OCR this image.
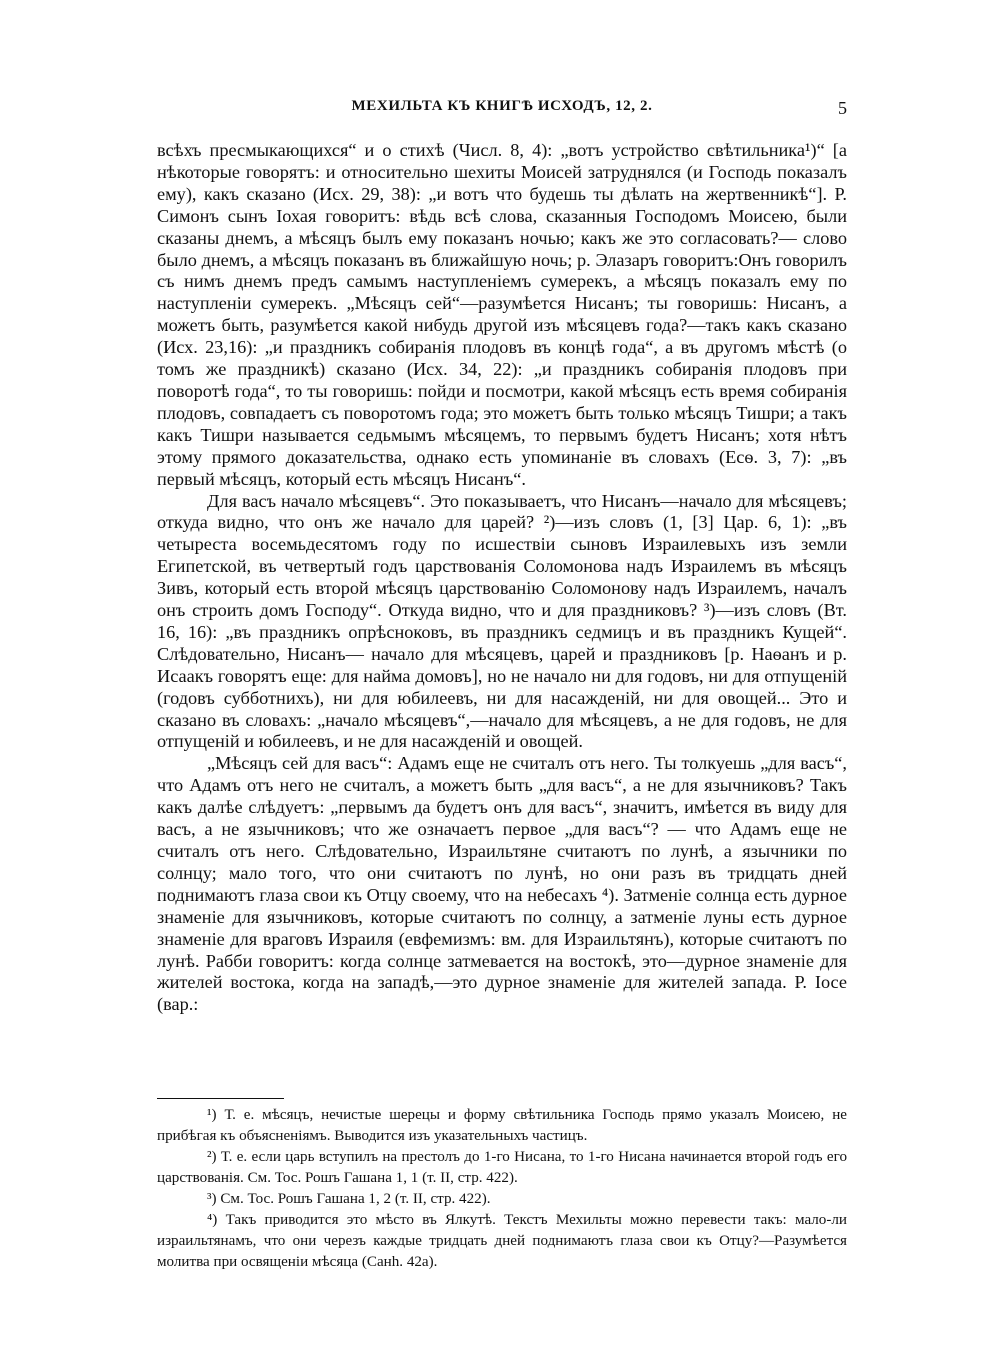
МЕХИЛЬТА КЪ КНИГѢ ИСХОДЪ, 12, 2.	5

всѣхъ пресмыкающихся“ и о стихѣ (Числ. 8, 4): „вотъ устройство свѣтильника¹)“ [а нѣкоторые говорятъ: и относительно шехиты Моисей затруднялся (и Господь показалъ ему), какъ сказано (Исх. 29, 38): „и вотъ что будешь ты дѣлать на жертвенникѣ“]. Р. Симонъ сынъ Iохая говоритъ: вѣдь всѣ слова, сказанныя Господомъ Моисею, были сказаны днемъ, а мѣсяцъ былъ ему показанъ ночью; какъ же это согласовать?— слово было днемъ, а мѣсяцъ показанъ въ ближайшую ночь; р. Элазаръ говоритъ:Онъ говорилъ съ нимъ днемъ предъ самымъ наступленіемъ сумерекъ, а мѣсяцъ показалъ ему по наступленіи сумерекъ. „Мѣсяцъ сей“—разумѣется Нисанъ; ты говоришь: Нисанъ, а можетъ быть, разумѣется какой нибудь другой изъ мѣсяцевъ года?—такъ какъ сказано (Исх. 23,16): „и праздникъ собиранія плодовъ въ концѣ года“, а въ другомъ мѣстѣ (о томъ же праздникѣ) сказано (Исх. 34, 22): „и праздникъ собиранія плодовъ при поворотѣ года“, то ты говоришь: пойди и посмотри, какой мѣсяцъ есть время собиранія плодовъ, совпадаетъ съ поворотомъ года; это можетъ быть только мѣсяцъ Тишри; а такъ какъ Тишри называется седьмымъ мѣсяцемъ, то первымъ будетъ Нисанъ; хотя нѣтъ этому прямого доказательства, однако есть упоминаніе въ словахъ (Есѳ. 3, 7): „въ первый мѣсяцъ, который есть мѣсяцъ Нисанъ“.

Для васъ начало мѣсяцевъ“. Это показываетъ, что Нисанъ—начало для мѣсяцевъ; откуда видно, что онъ же начало для царей? ²)—изъ словъ (1, [3] Цар. 6, 1): „въ четыреста восемьдесятомъ году по исшествіи сыновъ Израилевыхъ изъ земли Египетской, въ четвертый годъ царствованія Соломонова надъ Израилемъ въ мѣсяцъ Зивъ, который есть второй мѣсяцъ царствованію Соломонову надъ Израилемъ, началъ онъ строить домъ Господу“. Откуда видно, что и для праздниковъ? ³)—изъ словъ (Вт. 16, 16): „въ праздникъ опрѣсноковъ, въ праздникъ седмицъ и въ праздникъ Кущей“. Слѣдовательно, Нисанъ— начало для мѣсяцевъ, царей и праздниковъ [р. Наѳанъ и р. Исаакъ говорятъ еще: для найма домовъ], но не начало ни для годовъ, ни для отпущеній (годовъ субботнихъ), ни для юбилеевъ, ни для насажденій, ни для овощей... Это и сказано въ словахъ: „начало мѣсяцевъ“,—начало для мѣсяцевъ, а не для годовъ, не для отпущеній и юбилеевъ, и не для насажденій и овощей.

„Мѣсяцъ сей для васъ“: Адамъ еще не считалъ отъ него. Ты толкуешь „для васъ“, что Адамъ отъ него не считалъ, а можетъ быть „для васъ“, а не для язычниковъ? Такъ какъ далѣе слѣдуетъ: „первымъ да будетъ онъ для васъ“, значитъ, имѣется въ виду для васъ, а не язычниковъ; что же означаетъ первое „для васъ“? — что Адамъ еще не считалъ отъ него. Слѣдовательно, Израильтяне считаютъ по лунѣ, а язычники по солнцу; мало того, что они считаютъ по лунѣ, но они разъ въ тридцать дней поднимаютъ глаза свои къ Отцу своему, что на небесахъ ⁴). Затменіе солнца есть дурное знаменіе для язычниковъ, которые считаютъ по солнцу, а затменіе луны есть дурное знаменіе для враговъ Израиля (евфемизмъ: вм. для Израильтянъ), которые считаютъ по лунѣ. Рабби говоритъ: когда солнце затмевается на востокѣ, это—дурное знаменіе для жителей востока, когда на западѣ,—это дурное знаменіе для жителей запада. Р. Iосе (вар.:

¹) Т. е. мѣсяцъ, нечистые шерецы и форму свѣтильника Господь прямо указалъ Моисею, не прибѣгая къ объясненіямъ. Выводится изъ указательныхъ частицъ.

²) Т. е. если царь вступилъ на престолъ до 1-го Нисана, то 1-го Нисана начинается второй годъ его царствованія. См. Тос. Рошъ Гашана 1, 1 (т. II, стр. 422).

³) См. Тос. Рошъ Гашана 1, 2 (т. II, стр. 422).

⁴) Такъ приводится это мѣсто въ Ялкутѣ. Текстъ Мехильты можно перевести такъ: мало-ли израильтянамъ, что они черезъ каждые тридцать дней поднимаютъ глаза свои къ Отцу?—Разумѣется молитва при освященіи мѣсяца (Санh. 42а).
